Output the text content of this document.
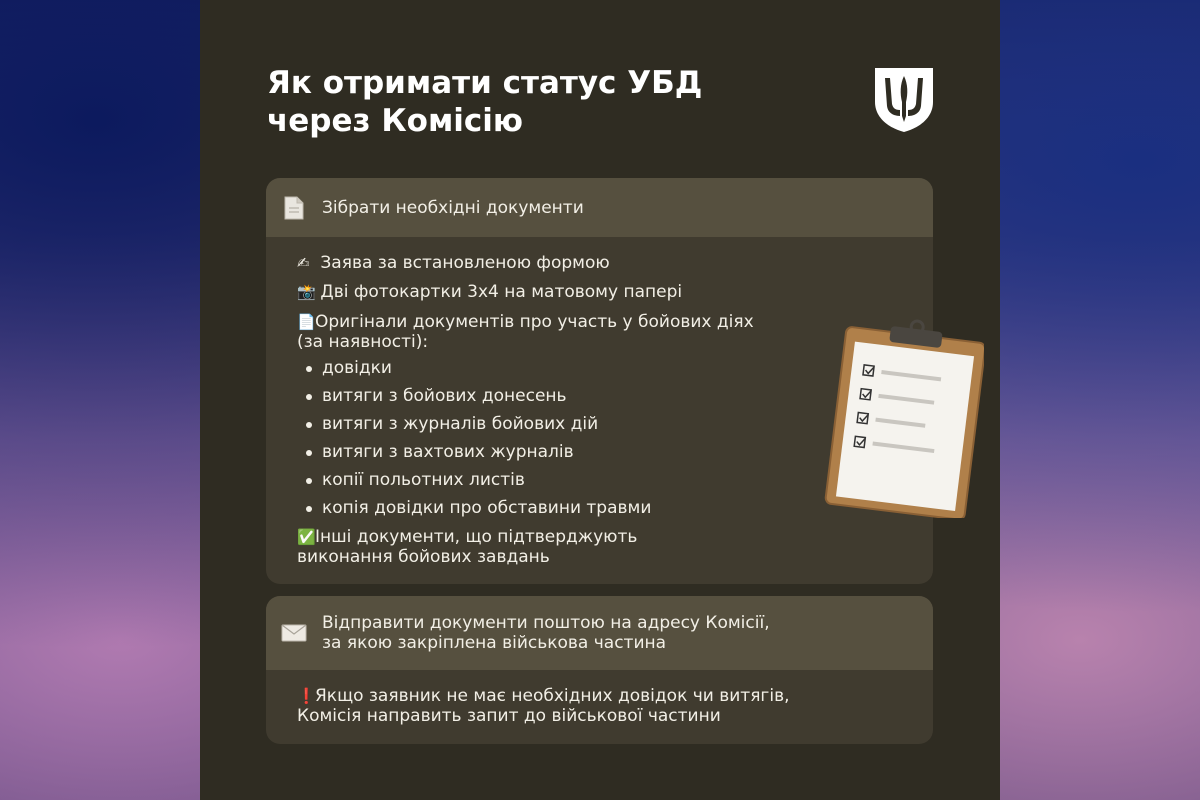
Як отримати статус УБД
через Комісію
Зібрати необхідні документи
✍ Заява за встановленою формою
📸 Дві фотокартки 3х4 на матовому папері
📄Оригінали документів про участь у бойових діях
(за наявності):
довідки
витяги з бойових донесень
витяги з журналів бойових дій
витяги з вахтових журналів
копії польотних листів
копія довідки про обставини травми
✅Інші документи, що підтверджують
виконання бойових завдань
Відправити документи поштою на адресу Комісії,
за якою закріплена військова частина
❗Якщо заявник не має необхідних довідок чи витягів,
Комісія направить запит до військової частини
